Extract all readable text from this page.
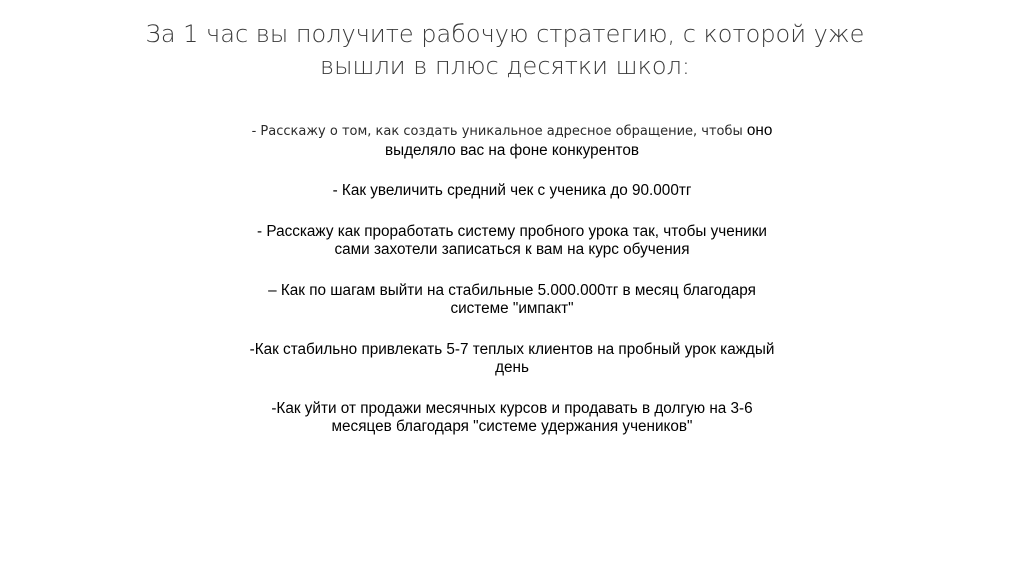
За 1 час вы получите рабочую стратегию, с которой уже
вышли в плюс десятки школ:
- Расскажу о том, как создать уникальное адресное обращение, чтобы оно
выделяло вас на фоне конкурентов
- Как увеличить средний чек с ученика до 90.000тг
- Расскажу как проработать систему пробного урока так, чтобы ученики
сами захотели записаться к вам на курс обучения
– Как по шагам выйти на стабильные 5.000.000тг в месяц благодаря
системе "импакт"
-Как стабильно привлекать 5-7 теплых клиентов на пробный урок каждый
день
-Как уйти от продажи месячных курсов и продавать в долгую на 3-6
месяцев благодаря "системе удержания учеников"
